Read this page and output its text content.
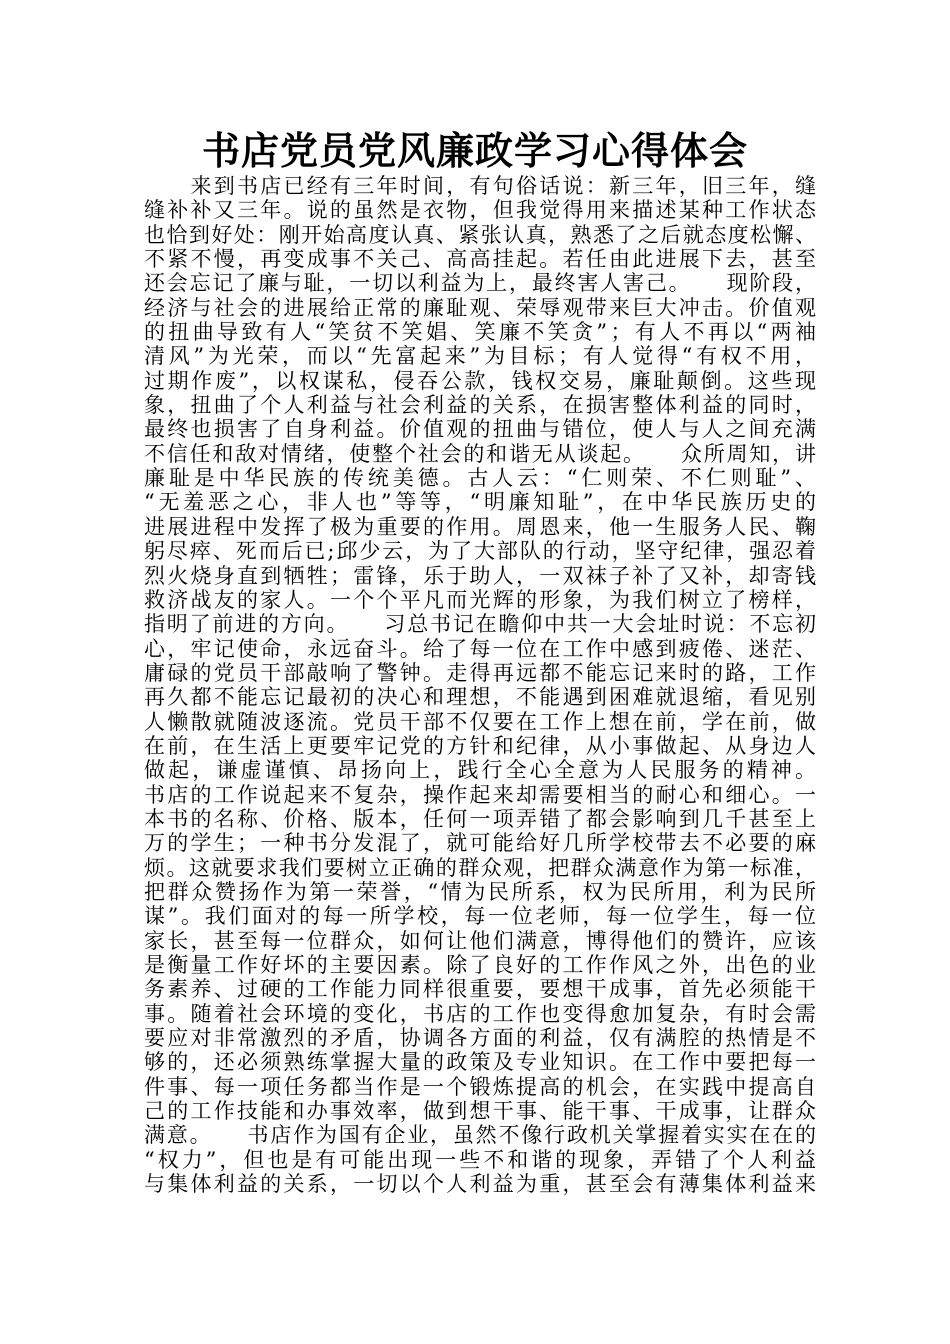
书店党员党风廉政学习心得体会
　　来到书店已经有三年时间，有句俗话说：新三年，旧三年，缝
缝补补又三年。说的虽然是衣物，但我觉得用来描述某种工作状态
也恰到好处：刚开始高度认真、紧张认真，熟悉了之后就态度松懈、
不紧不慢，再变成事不关己、高高挂起。若任由此进展下去，甚至
还会忘记了廉与耻，一切以利益为上，最终害人害己。　　现阶段，
经济与社会的进展给正常的廉耻观、荣辱观带来巨大冲击。价值观
的扭曲导致有人“笑贫不笑娼、笑廉不笑贪”；有人不再以“两袖
清风”为光荣，而以“先富起来”为目标；有人觉得“有权不用，
过期作废”，以权谋私，侵吞公款，钱权交易，廉耻颠倒。这些现
象，扭曲了个人利益与社会利益的关系，在损害整体利益的同时，
最终也损害了自身利益。价值观的扭曲与错位，使人与人之间充满
不信任和敌对情绪，使整个社会的和谐无从谈起。　　众所周知，讲
廉耻是中华民族的传统美德。古人云：“仁则荣、不仁则耻”、
“无羞恶之心，非人也”等等，“明廉知耻”，在中华民族历史的
进展进程中发挥了极为重要的作用。周恩来，他一生服务人民、鞠
躬尽瘁、死而后已;邱少云，为了大部队的行动，坚守纪律，强忍着
烈火烧身直到牺牲；雷锋，乐于助人，一双袜子补了又补，却寄钱
救济战友的家人。一个个平凡而光辉的形象，为我们树立了榜样，
指明了前进的方向。　　习总书记在瞻仰中共一大会址时说：不忘初
心，牢记使命，永远奋斗。给了每一位在工作中感到疲倦、迷茫、
庸碌的党员干部敲响了警钟。走得再远都不能忘记来时的路，工作
再久都不能忘记最初的决心和理想，不能遇到困难就退缩，看见别
人懒散就随波逐流。党员干部不仅要在工作上想在前，学在前，做
在前，在生活上更要牢记党的方针和纪律，从小事做起、从身边人
做起，谦虚谨慎、昂扬向上，践行全心全意为人民服务的精神。
书店的工作说起来不复杂，操作起来却需要相当的耐心和细心。一
本书的名称、价格、版本，任何一项弄错了都会影响到几千甚至上
万的学生；一种书分发混了，就可能给好几所学校带去不必要的麻
烦。这就要求我们要树立正确的群众观，把群众满意作为第一标准，
把群众赞扬作为第一荣誉，“情为民所系，权为民所用，利为民所
谋”。我们面对的每一所学校，每一位老师，每一位学生，每一位
家长，甚至每一位群众，如何让他们满意，博得他们的赞许，应该
是衡量工作好坏的主要因素。除了良好的工作作风之外，出色的业
务素养、过硬的工作能力同样很重要，要想干成事，首先必须能干
事。随着社会环境的变化，书店的工作也变得愈加复杂，有时会需
要应对非常激烈的矛盾，协调各方面的利益，仅有满腔的热情是不
够的，还必须熟练掌握大量的政策及专业知识。在工作中要把每一
件事、每一项任务都当作是一个锻炼提高的机会，在实践中提高自
己的工作技能和办事效率，做到想干事、能干事、干成事，让群众
满意。　　书店作为国有企业，虽然不像行政机关掌握着实实在在的
“权力”，但也是有可能出现一些不和谐的现象，弄错了个人利益
与集体利益的关系，一切以个人利益为重，甚至会有薄集体利益来
